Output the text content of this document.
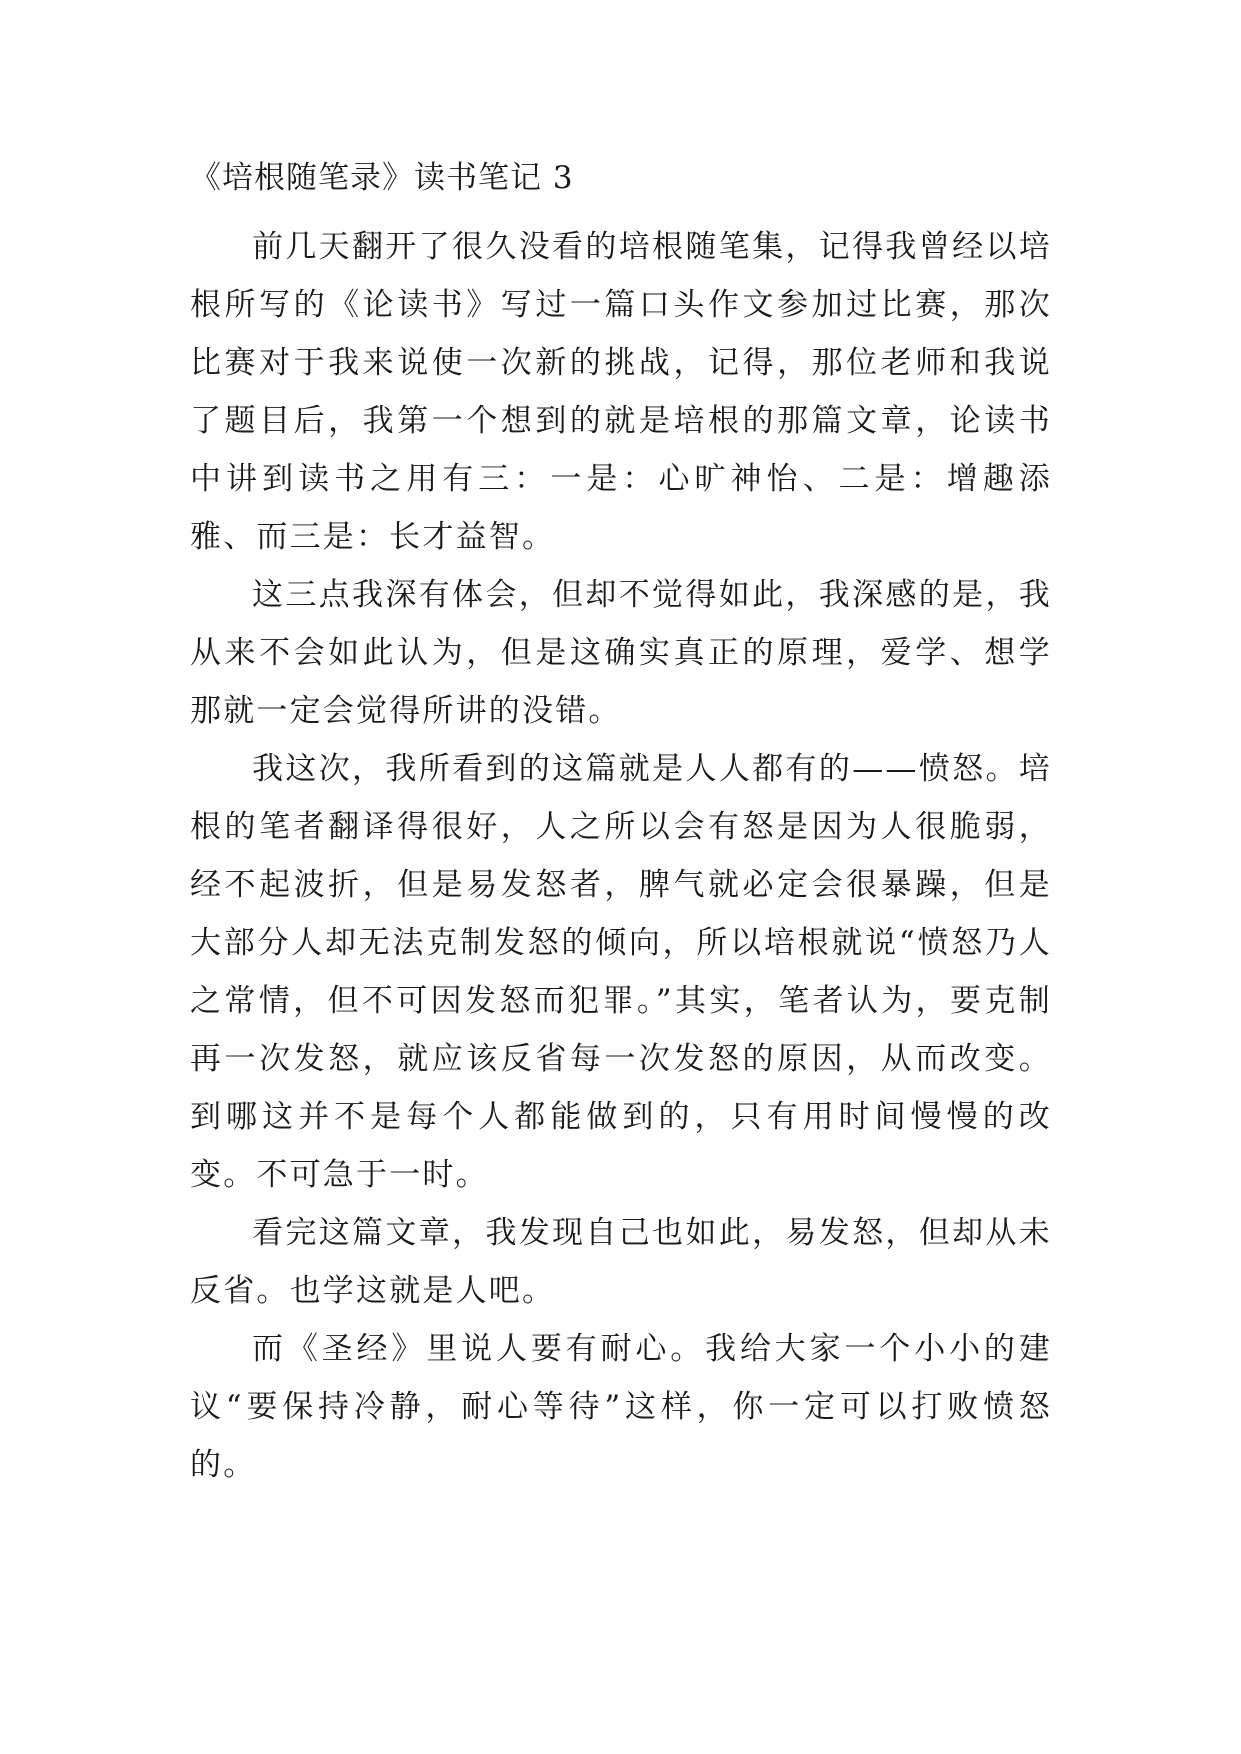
《培根随笔录》读书笔记 3

前几天翻开了很久没看的培根随笔集，记得我曾经以培根所写的《论读书》写过一篇口头作文参加过比赛，那次比赛对于我来说使一次新的挑战，记得，那位老师和我说了题目后，我第一个想到的就是培根的那篇文章，论读书中讲到读书之用有三：一是：心旷神怡、二是：增趣添雅、而三是：长才益智。

这三点我深有体会，但却不觉得如此，我深感的是，我从来不会如此认为，但是这确实真正的原理，爱学、想学那就一定会觉得所讲的没错。

我这次，我所看到的这篇就是人人都有的——愤怒。培根的笔者翻译得很好，人之所以会有怒是因为人很脆弱，经不起波折，但是易发怒者，脾气就必定会很暴躁，但是大部分人却无法克制发怒的倾向，所以培根就说“愤怒乃人之常情，但不可因发怒而犯罪。”其实，笔者认为，要克制再一次发怒，就应该反省每一次发怒的原因，从而改变。到哪这并不是每个人都能做到的，只有用时间慢慢的改变。不可急于一时。

看完这篇文章，我发现自己也如此，易发怒，但却从未反省。也学这就是人吧。

而《圣经》里说人要有耐心。我给大家一个小小的建议“要保持冷静，耐心等待”这样，你一定可以打败愤怒的。
